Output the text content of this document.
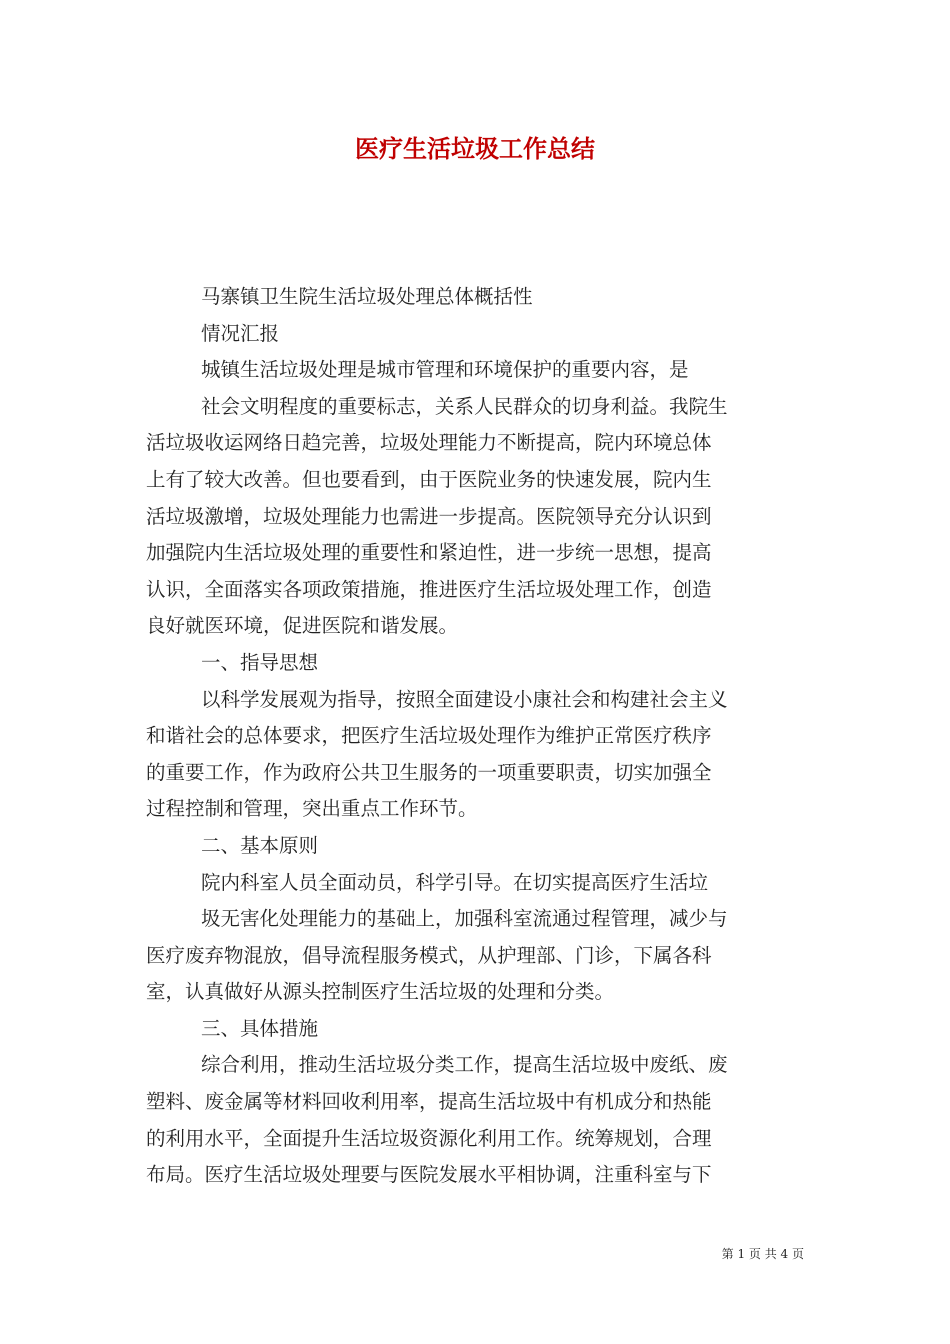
医疗生活垃圾工作总结
马寨镇卫生院生活垃圾处理总体概括性
情况汇报
城镇生活垃圾处理是城市管理和环境保护的重要内容，是
社会文明程度的重要标志，关系人民群众的切身利益。我院生
活垃圾收运网络日趋完善，垃圾处理能力不断提高，院内环境总体
上有了较大改善。但也要看到，由于医院业务的快速发展，院内生
活垃圾激增，垃圾处理能力也需进一步提高。医院领导充分认识到
加强院内生活垃圾处理的重要性和紧迫性，进一步统一思想，提高
认识，全面落实各项政策措施，推进医疗生活垃圾处理工作，创造
良好就医环境，促进医院和谐发展。
一、指导思想
以科学发展观为指导，按照全面建设小康社会和构建社会主义
和谐社会的总体要求，把医疗生活垃圾处理作为维护正常医疗秩序
的重要工作，作为政府公共卫生服务的一项重要职责，切实加强全
过程控制和管理，突出重点工作环节。
二、基本原则
院内科室人员全面动员，科学引导。在切实提高医疗生活垃
圾无害化处理能力的基础上，加强科室流通过程管理，减少与
医疗废弃物混放，倡导流程服务模式，从护理部、门诊，下属各科
室，认真做好从源头控制医疗生活垃圾的处理和分类。
三、具体措施
综合利用，推动生活垃圾分类工作，提高生活垃圾中废纸、废
塑料、废金属等材料回收利用率，提高生活垃圾中有机成分和热能
的利用水平，全面提升生活垃圾资源化利用工作。统筹规划，合理
布局。医疗生活垃圾处理要与医院发展水平相协调，注重科室与下
第 1 页 共 4 页
